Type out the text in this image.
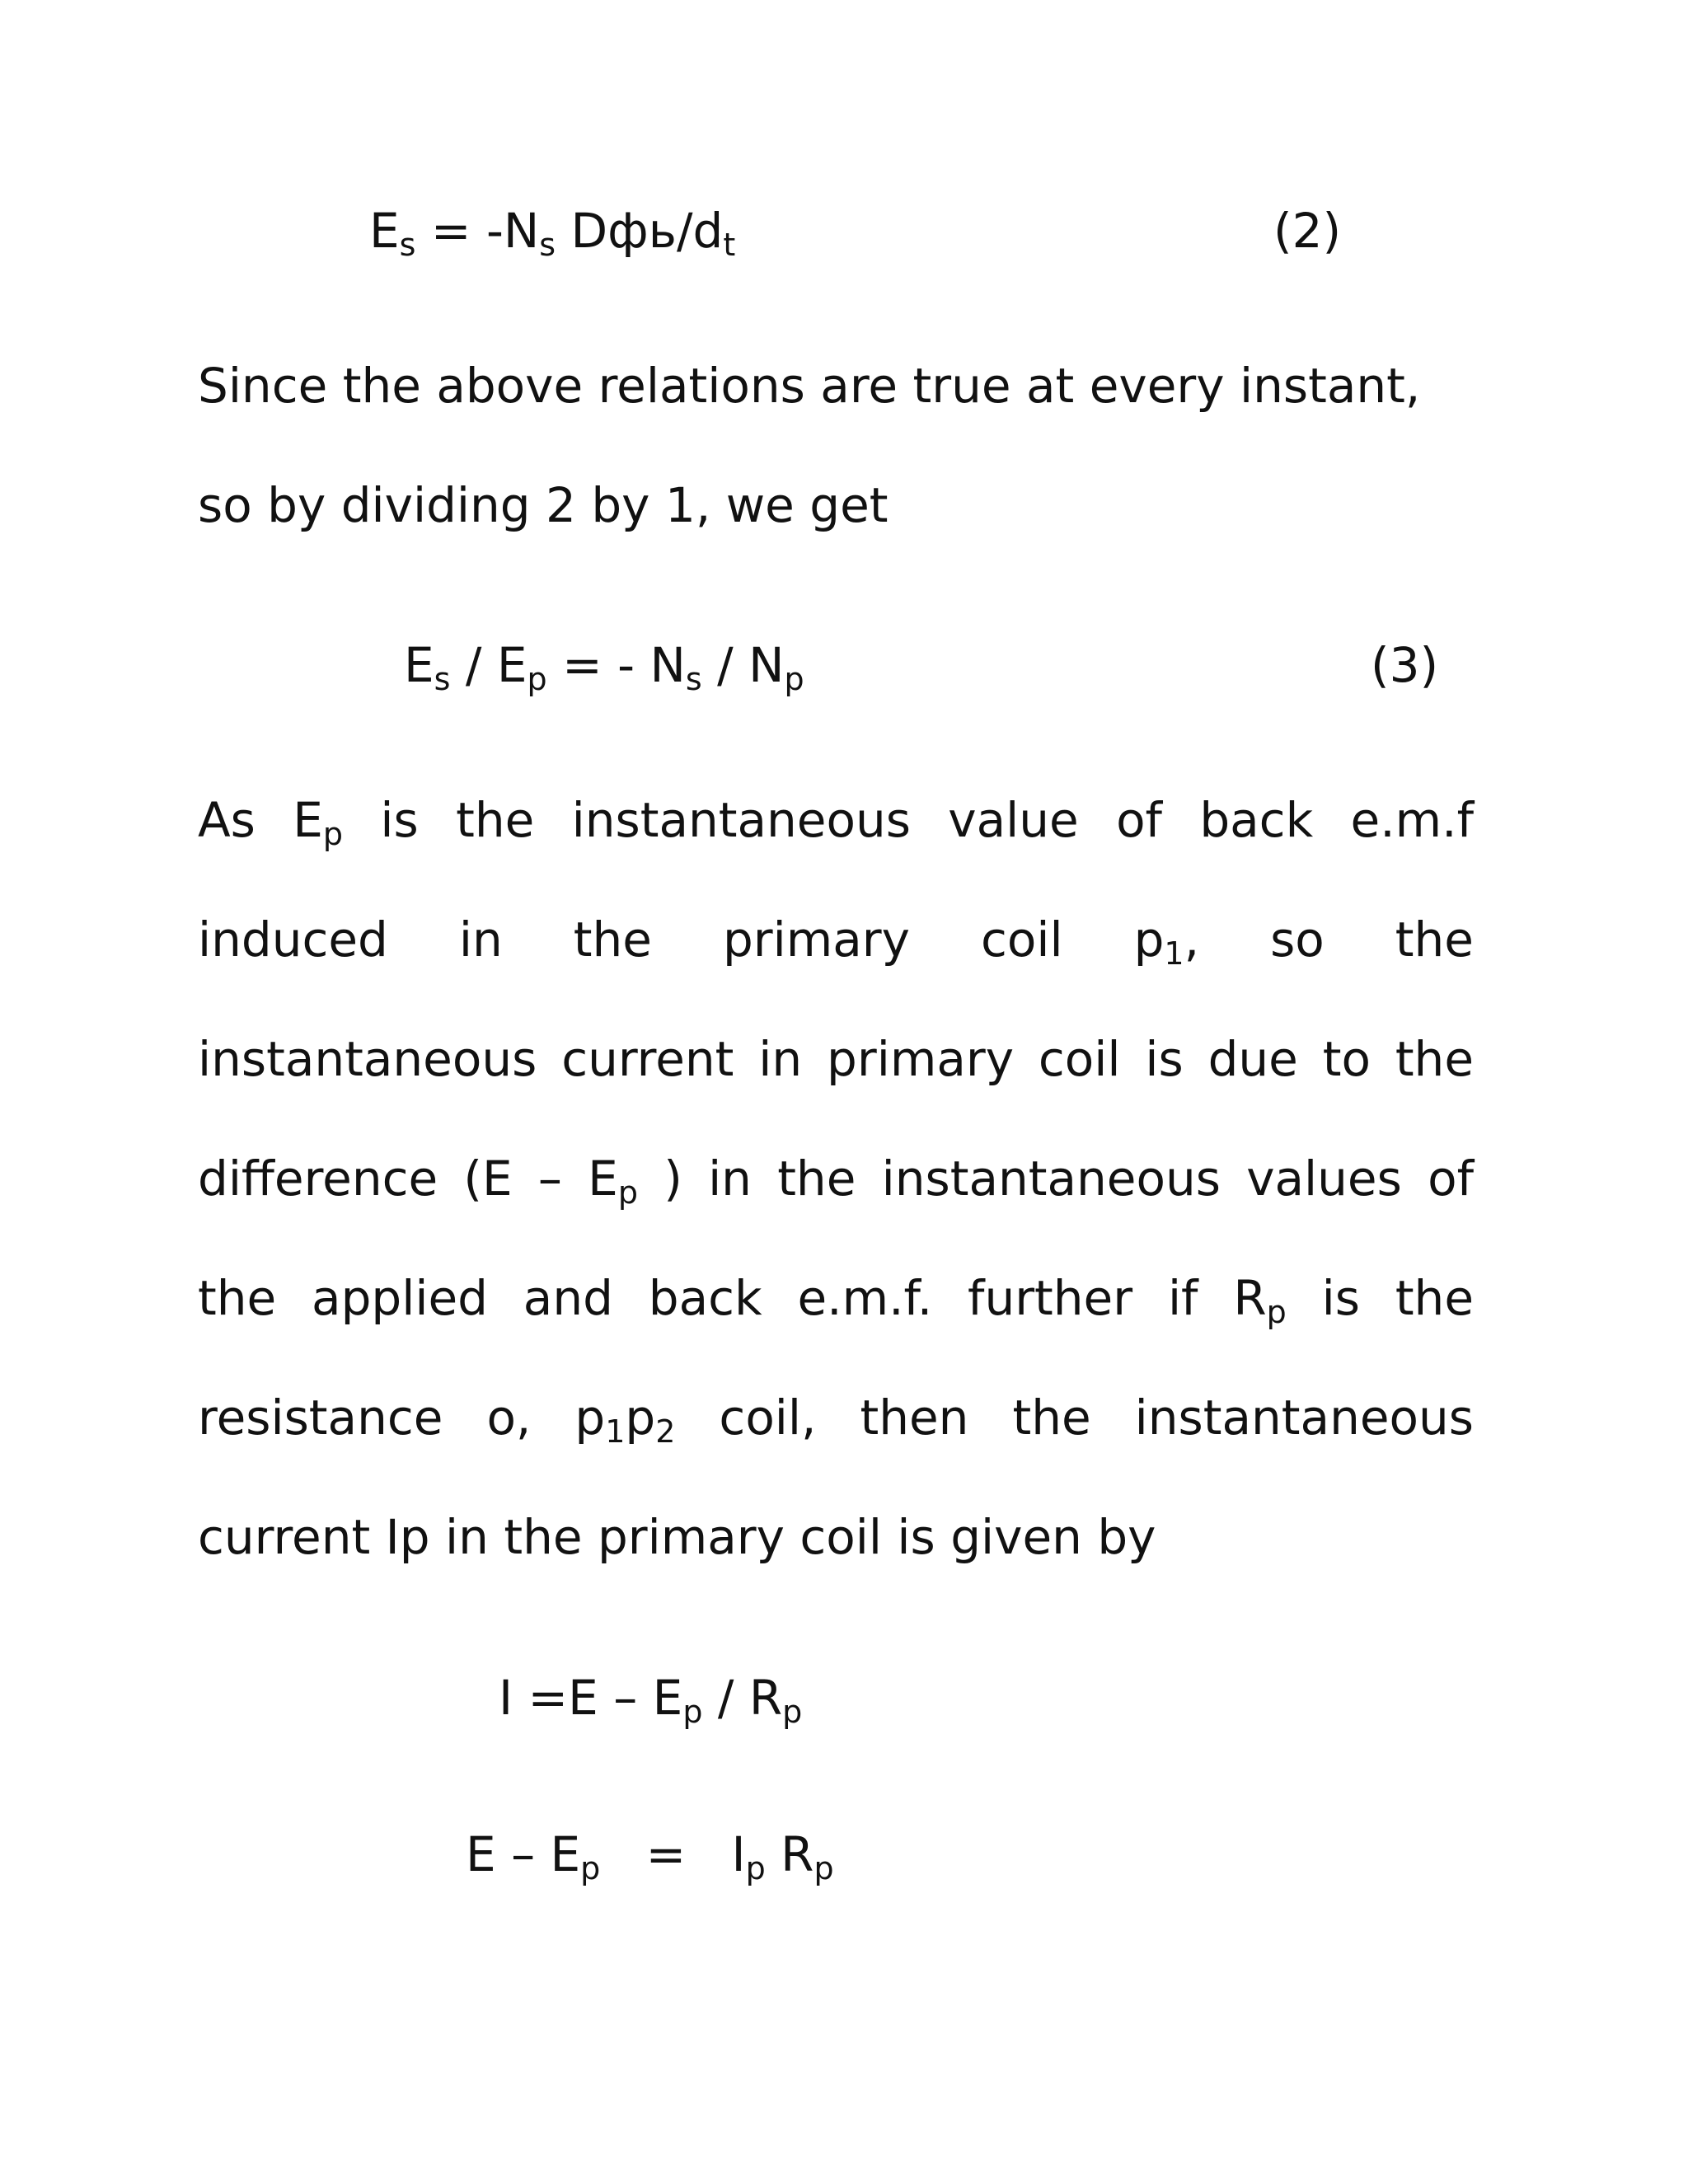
$E_s = -N_s$ Dфь/$d_t$	(2)
Since the above relations are true at every instant,
so by dividing 2 by 1, we get
$E_s / E_p$ = - $N_s / N_p$	(3)
As $E_p$ is the instantaneous value of back e.m.f
induced in the primary coil $p_1$, so the
instantaneous current in primary coil is due to the
difference ($E - E_p$ ) in the instantaneous values of
the applied and back e.m.f. further if $R_p$ is the
resistance o, $p_1p_2$ coil, then the instantaneous
current Ip in the primary coil is given by
$I =E - E_p / R_p$
$E - E_p = I_p$ $R_p$
